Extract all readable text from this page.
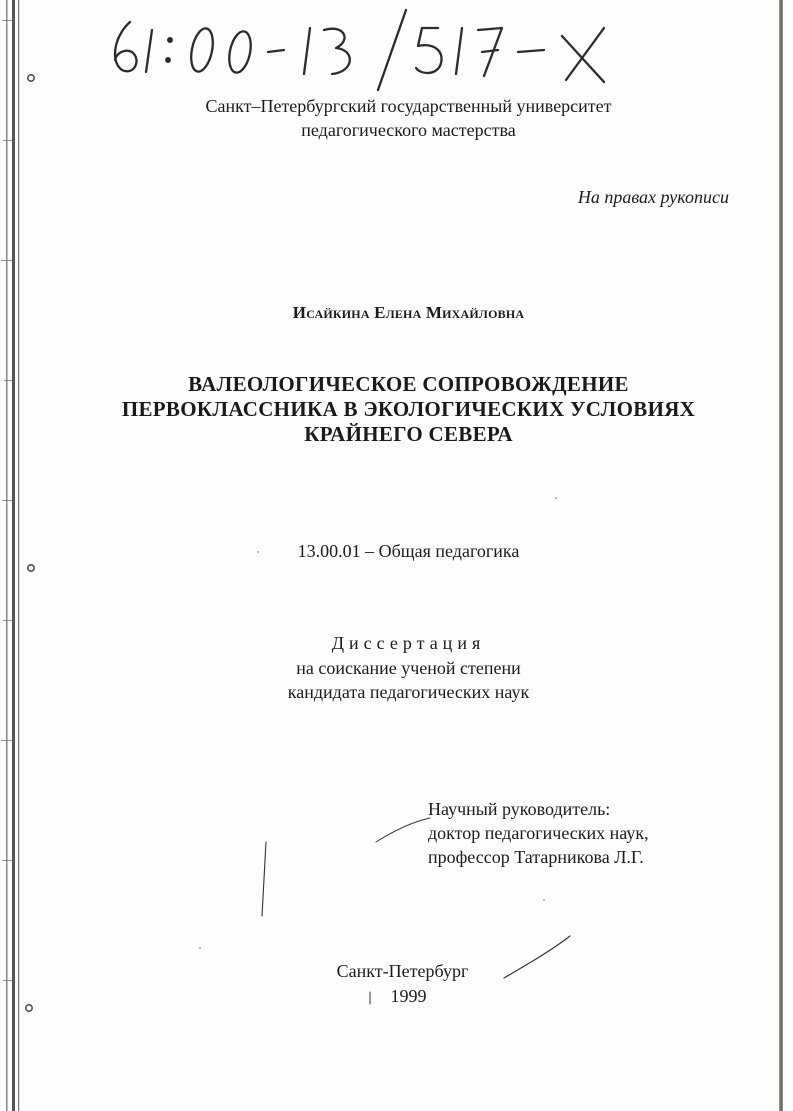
Санкт–Петербургский государственный университет
педагогического мастерства
На правах рукописи
Исайкина Елена Михайловна
ВАЛЕОЛОГИЧЕСКОЕ СОПРОВОЖДЕНИЕ
ПЕРВОКЛАССНИКА В ЭКОЛОГИЧЕСКИХ УСЛОВИЯХ
КРАЙНЕГО СЕВЕРА
13.00.01 – Общая педагогика
Диссертация
на соискание ученой степени
кандидата педагогических наук
Научный руководитель:
доктор педагогических наук,
профессор Татарникова Л.Г.
Санкт-Петербург
1999
